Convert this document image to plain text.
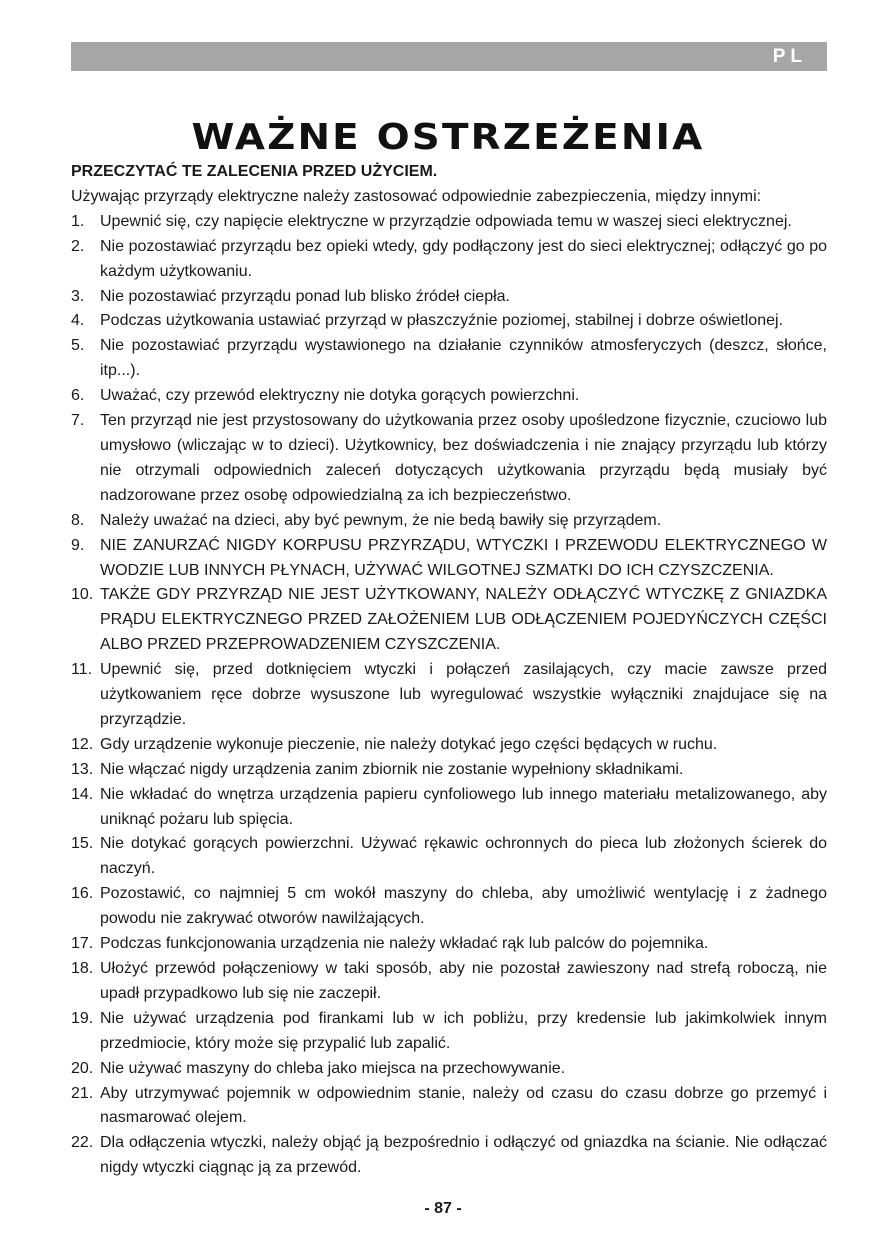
PL
WAŻNE OSTRZEŻENIA

PRZECZYTAĆ TE ZALECENIA PRZED UŻYCIEM.

Używając przyrządy elektryczne należy zastosować odpowiednie zabezpieczenia, między innymi:

1. Upewnić się, czy napięcie elektryczne w przyrządzie odpowiada temu w waszej sieci elektrycznej.
2. Nie pozostawiać przyrządu bez opieki wtedy, gdy podłączony jest do sieci elektrycznej; odłączyć go po każdym użytkowaniu.
3. Nie pozostawiać przyrządu ponad lub blisko źródeł ciepła.
4. Podczas użytkowania ustawiać przyrząd w płaszczyźnie poziomej, stabilnej i dobrze oświetlonej.
5. Nie pozostawiać przyrządu wystawionego na działanie czynników atmosferyczych (deszcz, słońce, itp...).
6. Uważać, czy przewód elektryczny nie dotyka gorących powierzchni.
7. Ten przyrząd nie jest przystosowany do użytkowania przez osoby upośledzone fizycznie, czuciowo lub umysłowo (wliczając w to dzieci). Użytkownicy, bez doświadczenia i nie znający przyrządu lub którzy nie otrzymali odpowiednich zaleceń dotyczących użytkowania przyrządu będą musiały być nadzorowane przez osobę odpowiedzialną za ich bezpieczeństwo.
8. Należy uważać na dzieci, aby być pewnym, że nie bedą bawiły się przyrządem.
9. NIE ZANURZAĆ NIGDY KORPUSU PRZYRZĄDU, WTYCZKI I PRZEWODU ELEKTRYCZNEGO W WODZIE LUB INNYCH PŁYNACH, UŻYWAĆ WILGOTNEJ SZMATKI DO ICH CZYSZCZENIA.
10. TAKŻE GDY PRZYRZĄD NIE JEST UŻYTKOWANY, NALEŻY ODŁĄCZYĆ WTYCZKĘ Z GNIAZDKA PRĄDU ELEKTRYCZNEGO PRZED ZAŁOŻENIEM LUB ODŁĄCZENIEM POJEDYŃCZYCH CZĘŚCI ALBO PRZED PRZEPROWADZENIEM CZYSZCZENIA.
11. Upewnić się, przed dotknięciem wtyczki i połączeń zasilających, czy macie zawsze przed użytkowaniem ręce dobrze wysuszone lub wyregulować wszystkie wyłączniki znajdujace się na przyrządzie.
12. Gdy urządzenie wykonuje pieczenie, nie należy dotykać jego części będących w ruchu.
13. Nie włączać nigdy urządzenia zanim zbiornik nie zostanie wypełniony składnikami.
14. Nie wkładać do wnętrza urządzenia papieru cynfoliowego lub innego materiału metalizowanego, aby uniknąć pożaru lub spięcia.
15. Nie dotykać gorących powierzchni. Używać rękawic ochronnych do pieca lub złożonych ścierek do naczyń.
16. Pozostawić, co najmniej 5 cm wokół maszyny do chleba, aby umożliwić wentylację i z żadnego powodu nie zakrywać otworów nawilżających.
17. Podczas funkcjonowania urządzenia nie należy wkładać rąk lub palców do pojemnika.
18. Ułożyć przewód połączeniowy w taki sposób, aby nie pozostał zawieszony nad strefą roboczą, nie upadł przypadkowo lub się nie zaczepił.
19. Nie używać urządzenia pod firankami lub w ich pobliżu, przy kredensie lub jakimkolwiek innym przedmiocie, który może się przypalić lub zapalić.
20. Nie używać maszyny do chleba jako miejsca na przechowywanie.
21. Aby utrzymywać pojemnik w odpowiednim stanie, należy od czasu do czasu dobrze go przemyć i nasmarować olejem.
22. Dla odłączenia wtyczki, należy objąć ją bezpośrednio i odłączyć od gniazdka na ścianie. Nie odłączać nigdy wtyczki ciągnąc ją za przewód.
- 87 -
